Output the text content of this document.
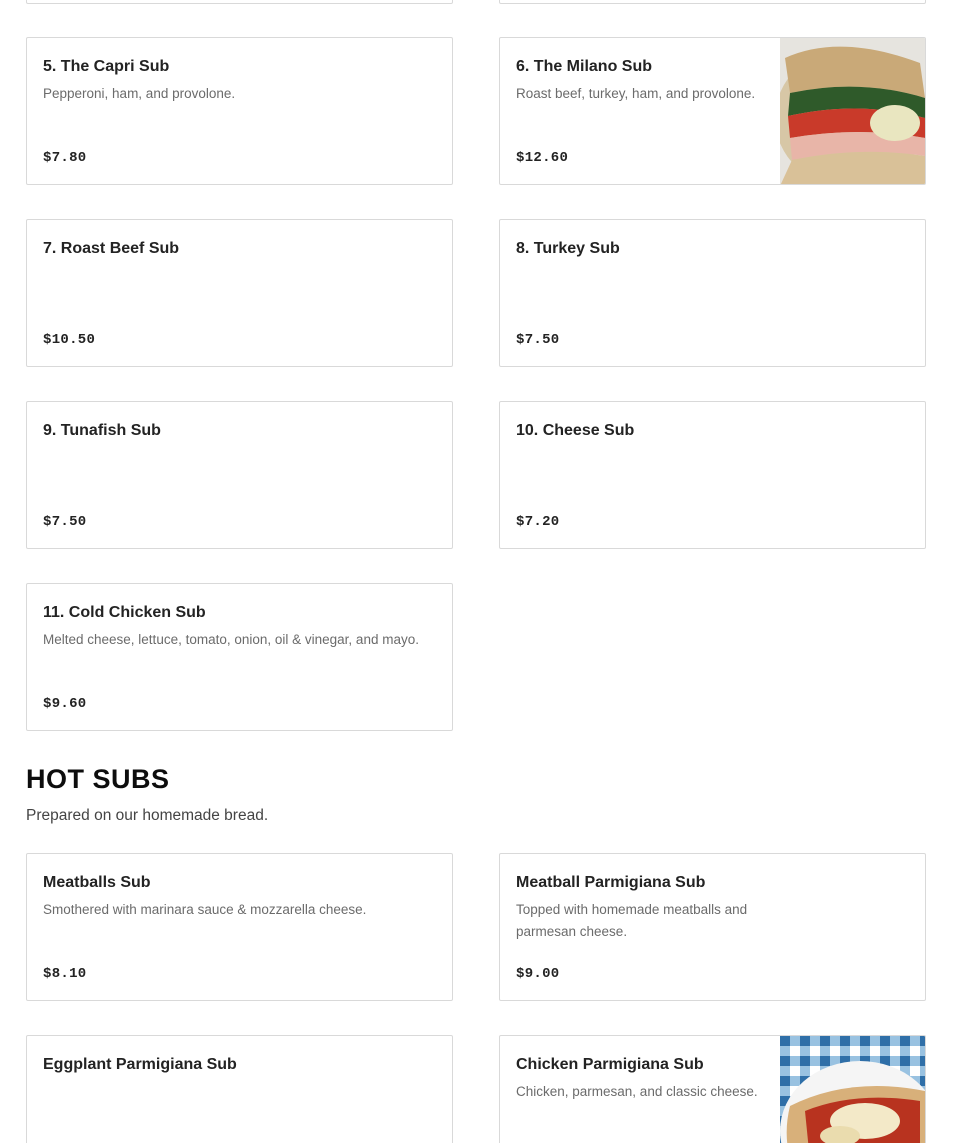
5. The Capri Sub
Pepperoni, ham, and provolone.
$7.80
6. The Milano Sub
Roast beef, turkey, ham, and provolone.
$12.60
7. Roast Beef Sub
$10.50
8. Turkey Sub
$7.50
9. Tunafish Sub
$7.50
10. Cheese Sub
$7.20
11. Cold Chicken Sub
Melted cheese, lettuce, tomato, onion, oil & vinegar, and mayo.
$9.60
HOT SUBS
Prepared on our homemade bread.
Meatballs Sub
Smothered with marinara sauce & mozzarella cheese.
$8.10
Meatball Parmigiana Sub
Topped with homemade meatballs and parmesan cheese.
$9.00
Eggplant Parmigiana Sub	Chicken Parmigiana Sub
Chicken, parmesan, and classic cheese.
